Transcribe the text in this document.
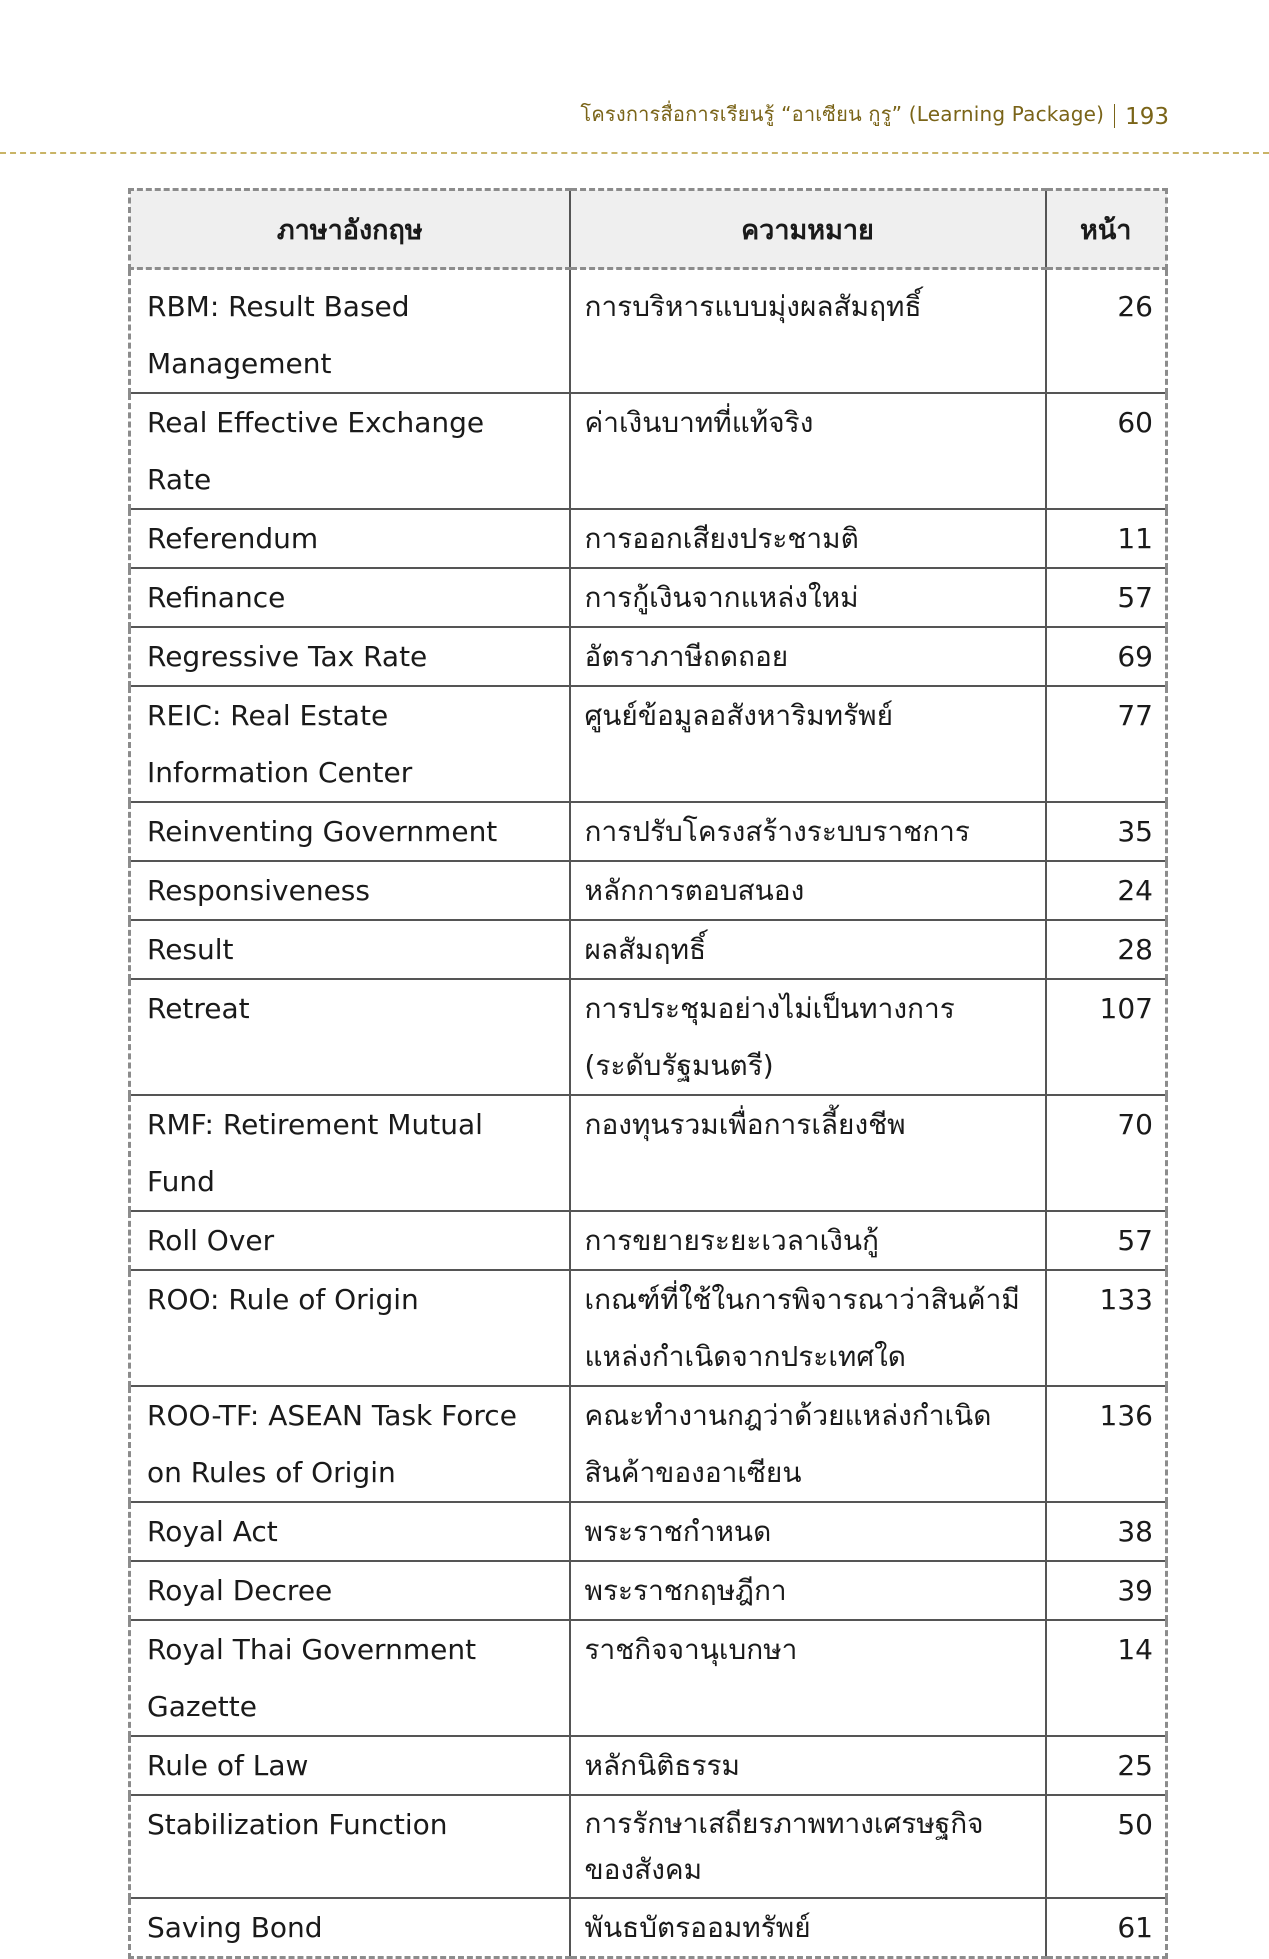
โครงการสื่อการเรียนรู้ “อาเซียน กูรู” (Learning Package) 193
ภาษาอังกฤษ	ความหมาย	หน้า
RBM: Result Based Management	การบริหารแบบมุ่งผลสัมฤทธิ์	26
Real Effective Exchange Rate	ค่าเงินบาทที่แท้จริง	60
Referendum	การออกเสียงประชามติ	11
Refinance	การกู้เงินจากแหล่งใหม่	57
Regressive Tax Rate	อัตราภาษีถดถอย	69
REIC: Real Estate Information Center	ศูนย์ข้อมูลอสังหาริมทรัพย์	77
Reinventing Government	การปรับโครงสร้างระบบราชการ	35
Responsiveness	หลักการตอบสนอง	24
Result	ผลสัมฤทธิ์	28
Retreat	การประชุมอย่างไม่เป็นทางการ (ระดับรัฐมนตรี)	107
RMF: Retirement Mutual Fund	กองทุนรวมเพื่อการเลี้ยงชีพ	70
Roll Over	การขยายระยะเวลาเงินกู้	57
ROO: Rule of Origin	เกณฑ์ที่ใช้ในการพิจารณาว่าสินค้ามีแหล่งกำเนิดจากประเทศใด	133
ROO-TF: ASEAN Task Force on Rules of Origin	คณะทำงานกฎว่าด้วยแหล่งกำเนิดสินค้าของอาเซียน	136
Royal Act	พระราชกำหนด	38
Royal Decree	พระราชกฤษฎีกา	39
Royal Thai Government Gazette	ราชกิจจานุเบกษา	14
Rule of Law	หลักนิติธรรม	25
Stabilization Function	การรักษาเสถียรภาพทางเศรษฐกิจของสังคม	50
Saving Bond	พันธบัตรออมทรัพย์	61
